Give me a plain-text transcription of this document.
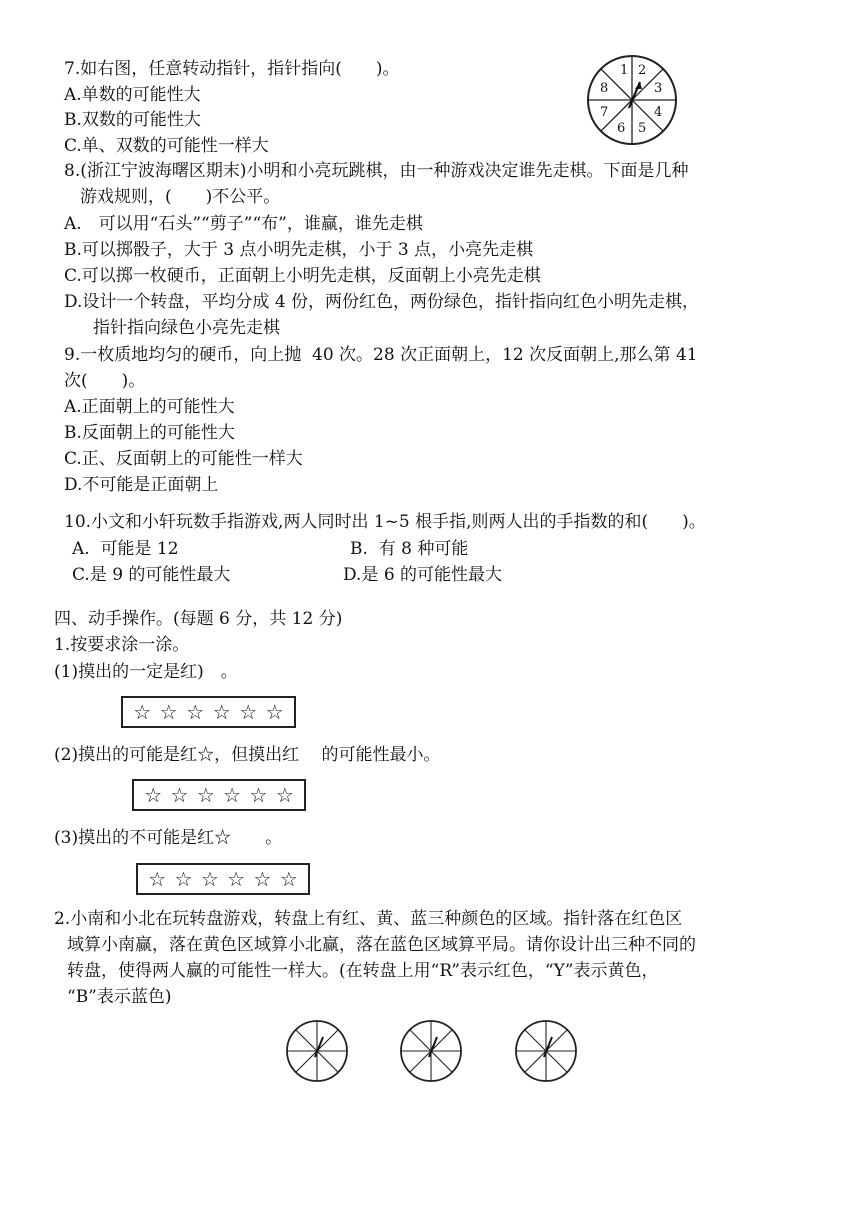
7.如右图，任意转动指针，指针指向(　　)。
A.单数的可能性大
B.双数的可能性大
C.单、双数的可能性一样大
1 2
3
4
5
6
7
8
8.(浙江宁波海曙区期末)小明和小亮玩跳棋，由一种游戏决定谁先走棋。下面是几种
游戏规则，(　　)不公平。
A.　可以用“石头”“剪子”“布”，谁赢，谁先走棋
B.可以掷骰子，大于 3 点小明先走棋，小于 3 点，小亮先走棋
C.可以掷一枚硬币，正面朝上小明先走棋，反面朝上小亮先走棋
D.设计一个转盘，平均分成 4 份，两份红色，两份绿色，指针指向红色小明先走棋，
指针指向绿色小亮先走棋
9.一枚质地均匀的硬币，向上抛  40 次。28 次正面朝上，12 次反面朝上,那么第 41
次(　　)。
A.正面朝上的可能性大
B.反面朝上的可能性大
C.正、反面朝上的可能性一样大
D.不可能是正面朝上
10.小文和小轩玩数手指游戏,两人同时出 1~5 根手指,则两人出的手指数的和(　　)。
A.  可能是 12	B.  有 8 种可能
C.是 9 的可能性最大	D.是 6 的可能性最大
四、动手操作。(每题 6 分，共 12 分)
1.按要求涂一涂。
(1)摸出的一定是红)　。
☆ ☆ ☆ ☆ ☆ ☆
(2)摸出的可能是红☆，但摸出红　 的可能性最小。
☆ ☆ ☆ ☆ ☆ ☆
(3)摸出的不可能是红☆　　。
☆ ☆ ☆ ☆ ☆ ☆
2.小南和小北在玩转盘游戏，转盘上有红、黄、蓝三种颜色的区域。指针落在红色区
域算小南赢，落在黄色区域算小北赢，落在蓝色区域算平局。请你设计出三种不同的
转盘，使得两人赢的可能性一样大。(在转盘上用“R”表示红色，“Y”表示黄色，
“B”表示蓝色)
